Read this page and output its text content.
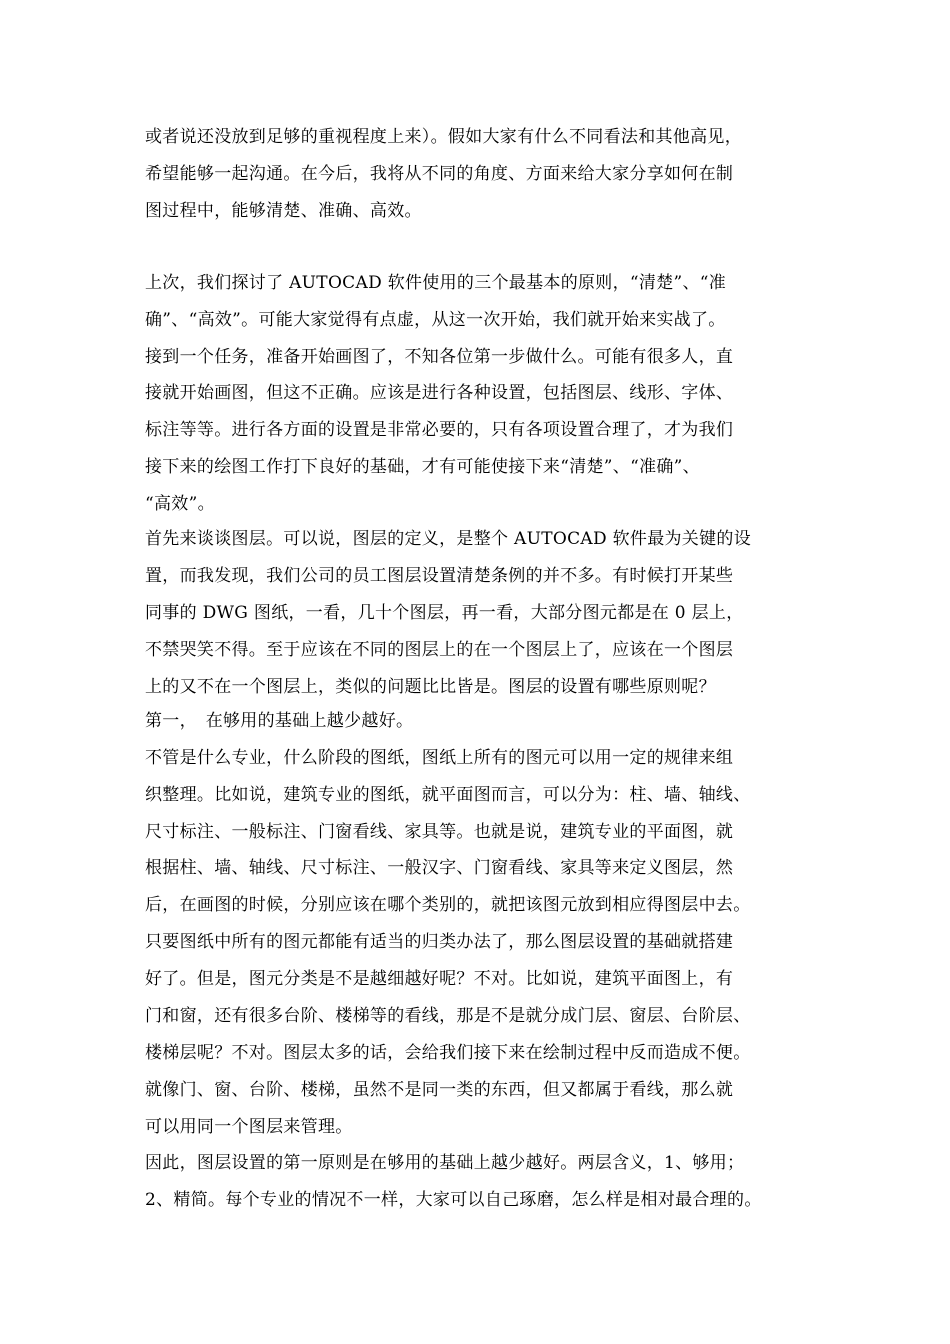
或者说还没放到足够的重视程度上来）。假如大家有什么不同看法和其他高见，
希望能够一起沟通。在今后，我将从不同的角度、方面来给大家分享如何在制
图过程中，能够清楚、准确、高效。
上次，我们探讨了 AUTOCAD 软件使用的三个最基本的原则，“清楚”、“准
确”、“高效”。可能大家觉得有点虚，从这一次开始，我们就开始来实战了。
接到一个任务，准备开始画图了，不知各位第一步做什么。可能有很多人，直
接就开始画图，但这不正确。应该是进行各种设置，包括图层、线形、字体、
标注等等。进行各方面的设置是非常必要的，只有各项设置合理了，才为我们
接下来的绘图工作打下良好的基础，才有可能使接下来“清楚”、“准确”、
“高效”。
首先来谈谈图层。可以说，图层的定义，是整个 AUTOCAD 软件最为关键的设
置，而我发现，我们公司的员工图层设置清楚条例的并不多。有时候打开某些
同事的 DWG 图纸，一看，几十个图层，再一看，大部分图元都是在 0 层上，
不禁哭笑不得。至于应该在不同的图层上的在一个图层上了，应该在一个图层
上的又不在一个图层上，类似的问题比比皆是。图层的设置有哪些原则呢？
第一，　在够用的基础上越少越好。
不管是什么专业，什么阶段的图纸，图纸上所有的图元可以用一定的规律来组
织整理。比如说，建筑专业的图纸，就平面图而言，可以分为：柱、墙、轴线、
尺寸标注、一般标注、门窗看线、家具等。也就是说，建筑专业的平面图，就
根据柱、墙、轴线、尺寸标注、一般汉字、门窗看线、家具等来定义图层，然
后，在画图的时候，分别应该在哪个类别的，就把该图元放到相应得图层中去。
只要图纸中所有的图元都能有适当的归类办法了，那么图层设置的基础就搭建
好了。但是，图元分类是不是越细越好呢？不对。比如说，建筑平面图上，有
门和窗，还有很多台阶、楼梯等的看线，那是不是就分成门层、窗层、台阶层、
楼梯层呢？不对。图层太多的话，会给我们接下来在绘制过程中反而造成不便。
就像门、窗、台阶、楼梯，虽然不是同一类的东西，但又都属于看线，那么就
可以用同一个图层来管理。
因此，图层设置的第一原则是在够用的基础上越少越好。两层含义，1、够用；
2、精简。每个专业的情况不一样，大家可以自己琢磨，怎么样是相对最合理的。
